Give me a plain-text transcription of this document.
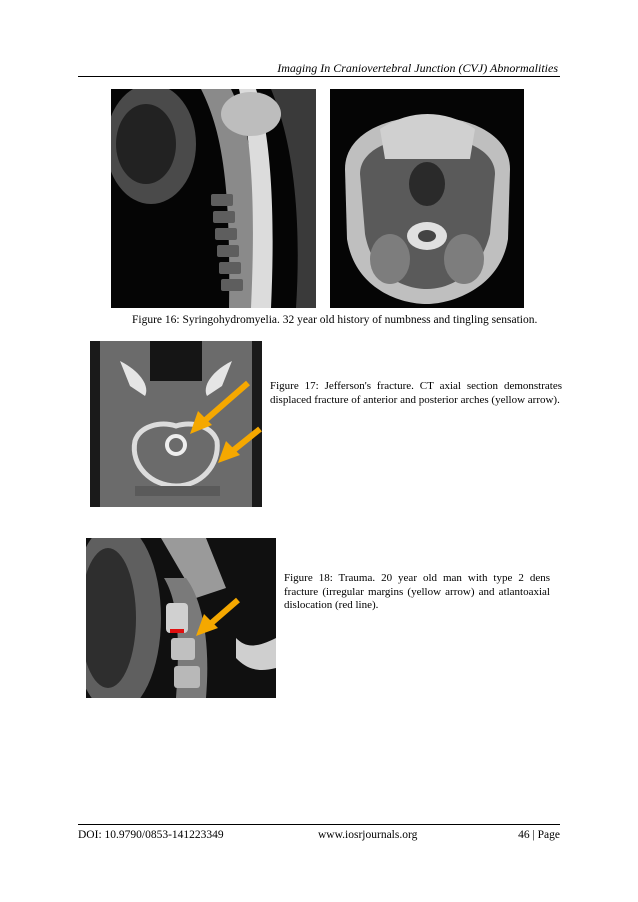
Imaging In Craniovertebral Junction (CVJ) Abnormalities
Figure 16: Syringohydromyelia. 32 year old history of numbness and tingling sensation.
Figure 17: Jefferson's fracture. CT axial section demonstrates displaced fracture of anterior and posterior arches (yellow arrow).
Figure 18: Trauma. 20 year old man with type 2 dens fracture (irregular margins (yellow arrow) and atlantoaxial dislocation (red line).
DOI: 10.9790/0853-141223349	www.iosrjournals.org	46 | Page
